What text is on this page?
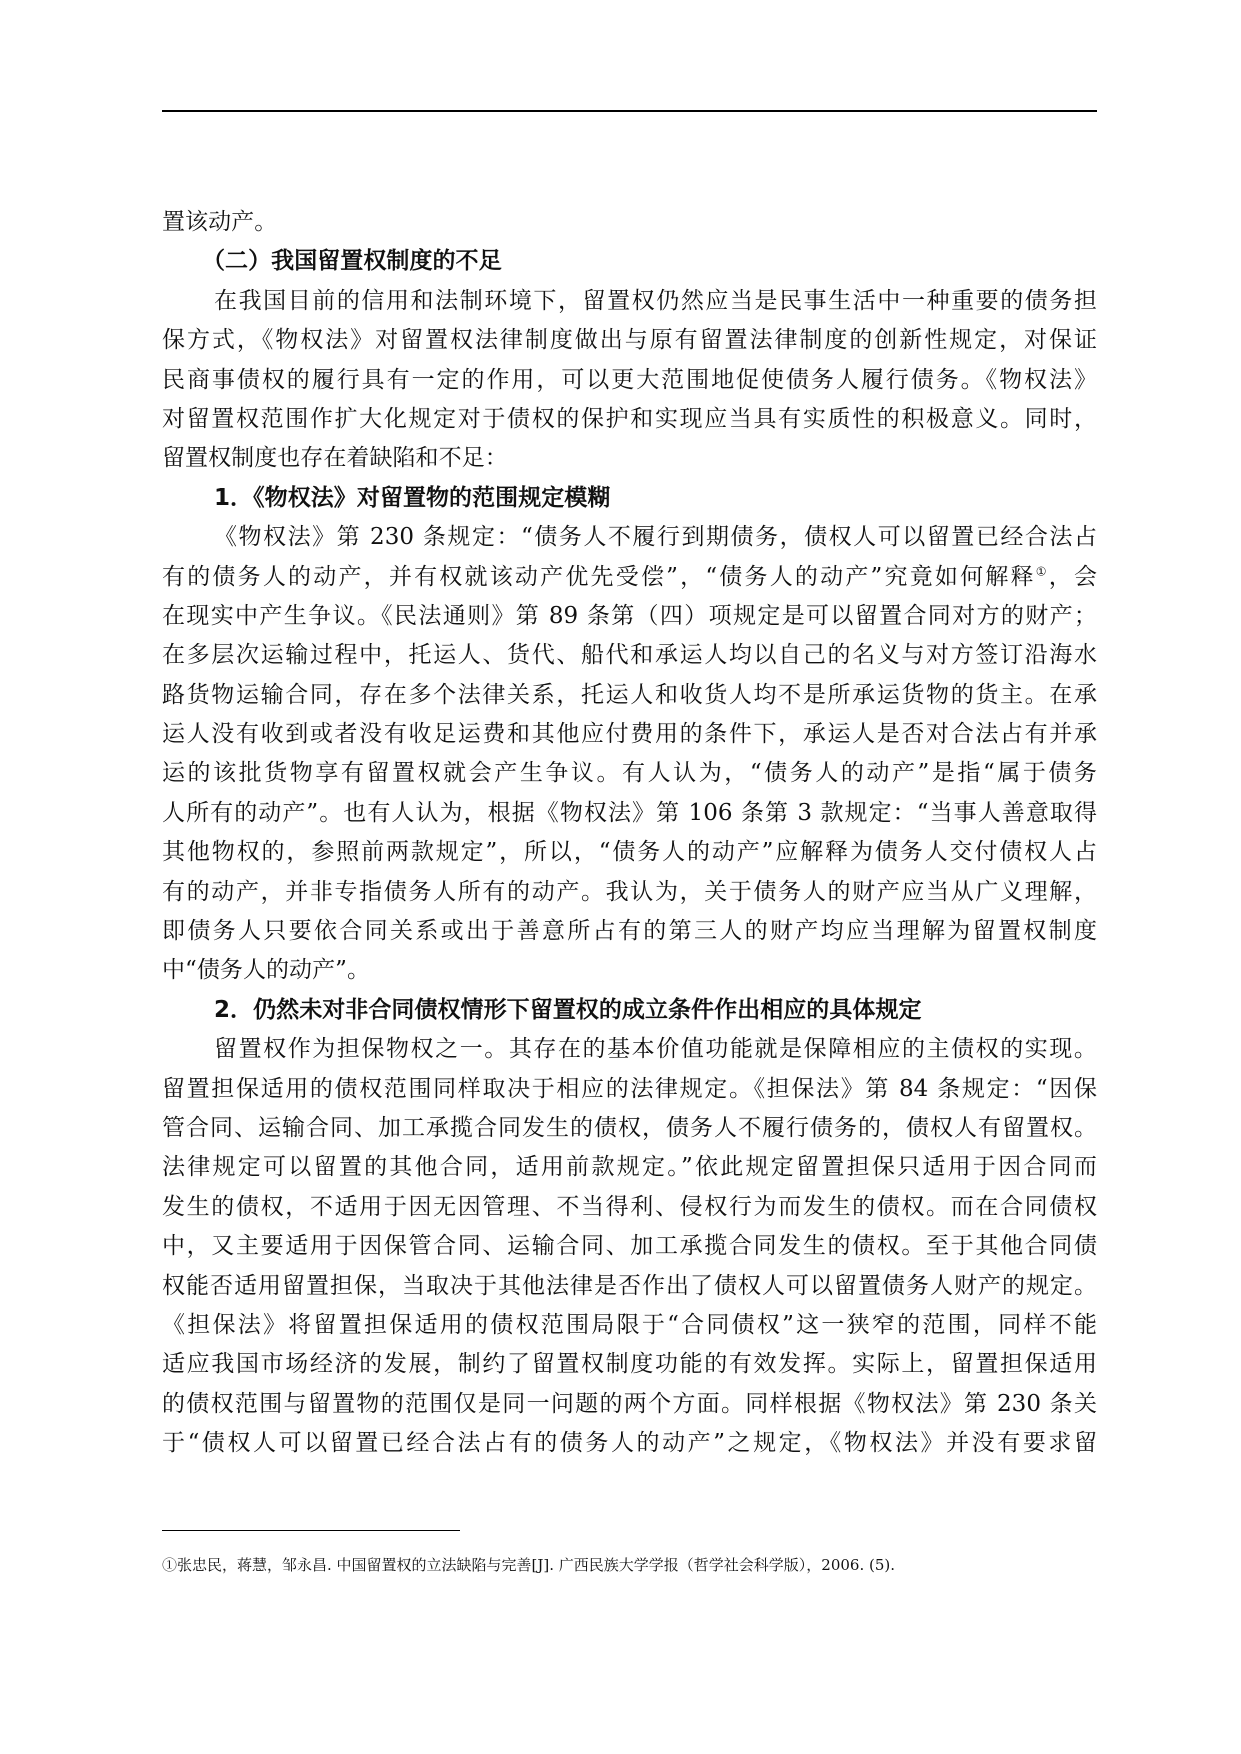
置该动产。
（二）我国留置权制度的不足
在我国目前的信用和法制环境下，留置权仍然应当是民事生活中一种重要的债务担
保方式，《物权法》对留置权法律制度做出与原有留置法律制度的创新性规定，对保证
民商事债权的履行具有一定的作用，可以更大范围地促使债务人履行债务。《物权法》
对留置权范围作扩大化规定对于债权的保护和实现应当具有实质性的积极意义。同时，
留置权制度也存在着缺陷和不足：
1．《物权法》对留置物的范围规定模糊
《物权法》第 230 条规定：“债务人不履行到期债务，债权人可以留置已经合法占
有的债务人的动产，并有权就该动产优先受偿”，“债务人的动产”究竟如何解释①，会
在现实中产生争议。《民法通则》第 89 条第（四）项规定是可以留置合同对方的财产；
在多层次运输过程中，托运人、货代、船代和承运人均以自己的名义与对方签订沿海水
路货物运输合同，存在多个法律关系，托运人和收货人均不是所承运货物的货主。在承
运人没有收到或者没有收足运费和其他应付费用的条件下，承运人是否对合法占有并承
运的该批货物享有留置权就会产生争议。有人认为，“债务人的动产”是指“属于债务
人所有的动产”。也有人认为，根据《物权法》第 106 条第 3 款规定：“当事人善意取得
其他物权的，参照前两款规定”，所以，“债务人的动产”应解释为债务人交付债权人占
有的动产，并非专指债务人所有的动产。我认为，关于债务人的财产应当从广义理解，
即债务人只要依合同关系或出于善意所占有的第三人的财产均应当理解为留置权制度
中“债务人的动产”。
2．仍然未对非合同债权情形下留置权的成立条件作出相应的具体规定
留置权作为担保物权之一。其存在的基本价值功能就是保障相应的主债权的实现。
留置担保适用的债权范围同样取决于相应的法律规定。《担保法》第 84 条规定：“因保
管合同、运输合同、加工承揽合同发生的债权，债务人不履行债务的，债权人有留置权。
法律规定可以留置的其他合同，适用前款规定。”依此规定留置担保只适用于因合同而
发生的债权，不适用于因无因管理、不当得利、侵权行为而发生的债权。而在合同债权
中，又主要适用于因保管合同、运输合同、加工承揽合同发生的债权。至于其他合同债
权能否适用留置担保，当取决于其他法律是否作出了债权人可以留置债务人财产的规定。
《担保法》将留置担保适用的债权范围局限于“合同债权”这一狭窄的范围，同样不能
适应我国市场经济的发展，制约了留置权制度功能的有效发挥。实际上，留置担保适用
的债权范围与留置物的范围仅是同一问题的两个方面。同样根据《物权法》第 230 条关
于“债权人可以留置已经合法占有的债务人的动产”之规定，《物权法》并没有要求留
①张忠民，蒋慧，邹永昌. 中国留置权的立法缺陷与完善[J]. 广西民族大学学报（哲学社会科学版），2006. (5).
